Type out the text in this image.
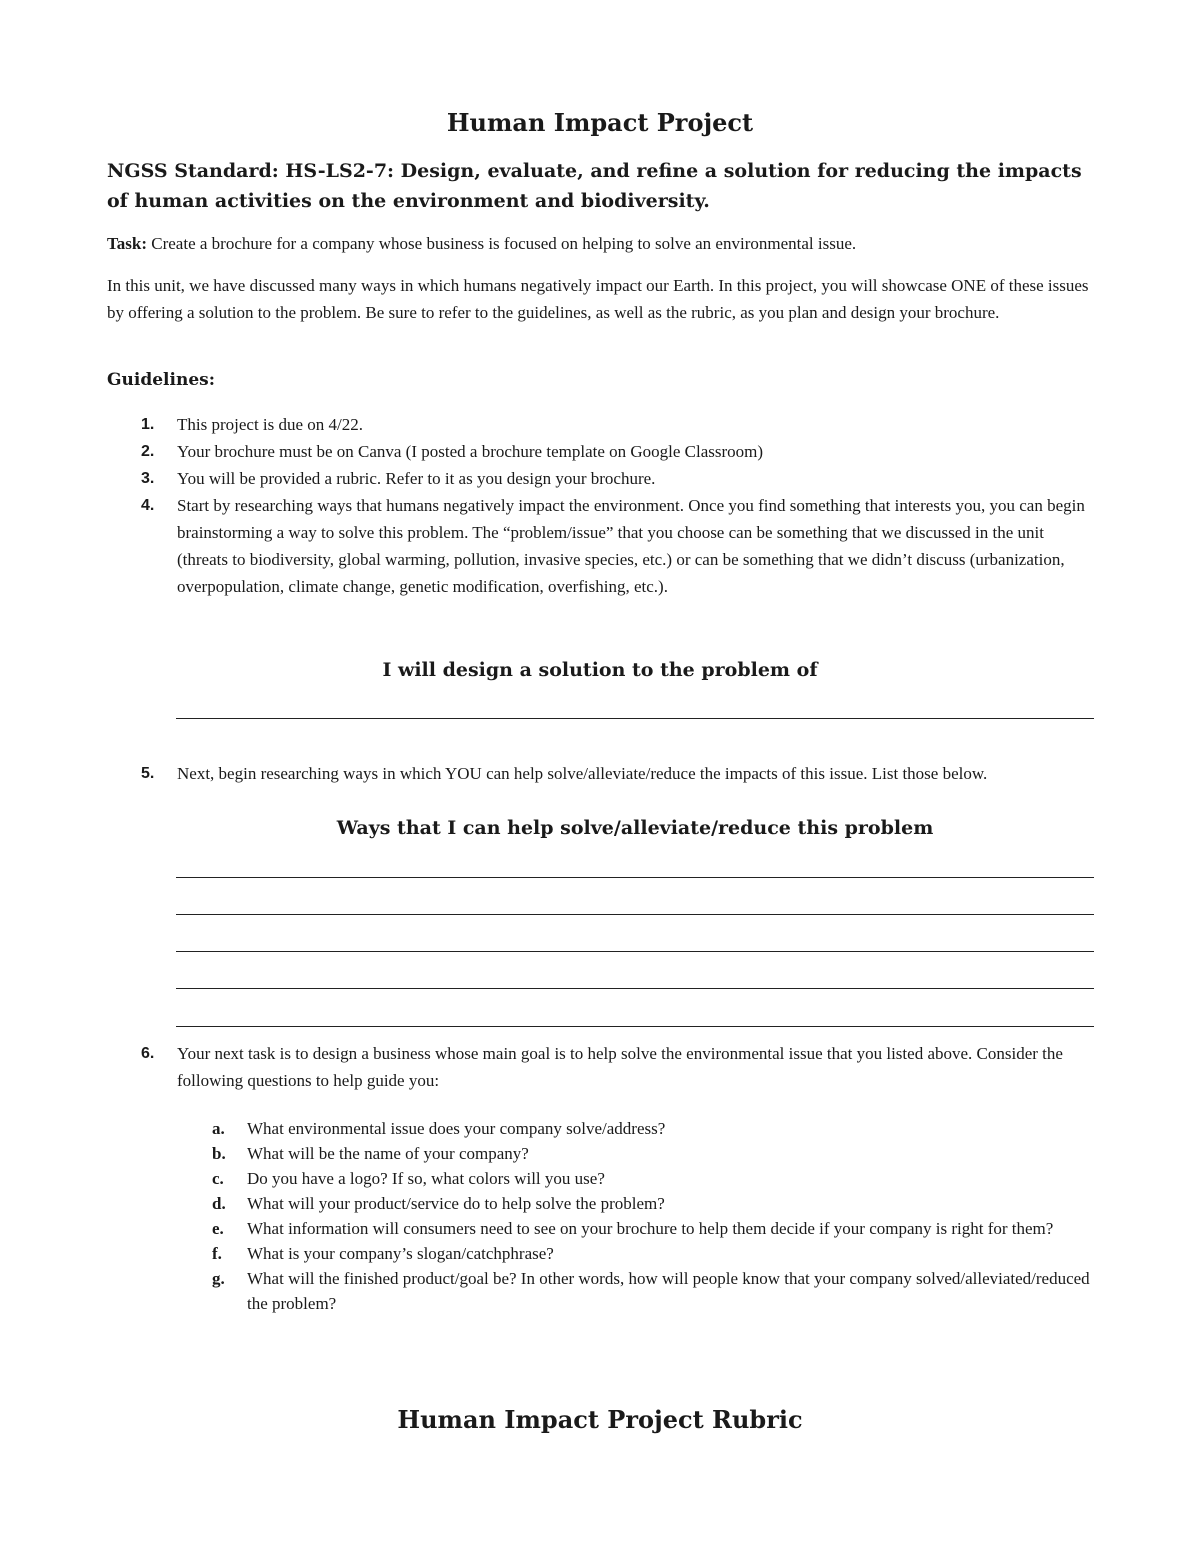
Human Impact Project

NGSS Standard: HS-LS2-7: Design, evaluate, and refine a solution for reducing the impacts of human activities on the environment and biodiversity.

Task: Create a brochure for a company whose business is focused on helping to solve an environmental issue.

In this unit, we have discussed many ways in which humans negatively impact our Earth. In this project, you will showcase ONE of these issues by offering a solution to the problem. Be sure to refer to the guidelines, as well as the rubric, as you plan and design your brochure.

Guidelines:

1. This project is due on 4/22.
2. Your brochure must be on Canva (I posted a brochure template on Google Classroom)
3. You will be provided a rubric. Refer to it as you design your brochure.
4. Start by researching ways that humans negatively impact the environment. Once you find something that interests you, you can begin brainstorming a way to solve this problem. The “problem/issue” that you choose can be something that we discussed in the unit (threats to biodiversity, global warming, pollution, invasive species, etc.) or can be something that we didn’t discuss (urbanization, overpopulation, climate change, genetic modification, overfishing, etc.).

I will design a solution to the problem of

5. Next, begin researching ways in which YOU can help solve/alleviate/reduce the impacts of this issue. List those below.

Ways that I can help solve/alleviate/reduce this problem

6. Your next task is to design a business whose main goal is to help solve the environmental issue that you listed above. Consider the following questions to help guide you:
a. What environmental issue does your company solve/address?
b. What will be the name of your company?
c. Do you have a logo? If so, what colors will you use?
d. What will your product/service do to help solve the problem?
e. What information will consumers need to see on your brochure to help them decide if your company is right for them?
f. What is your company’s slogan/catchphrase?
g. What will the finished product/goal be? In other words, how will people know that your company solved/alleviated/reduced the problem?
Human Impact Project Rubric
